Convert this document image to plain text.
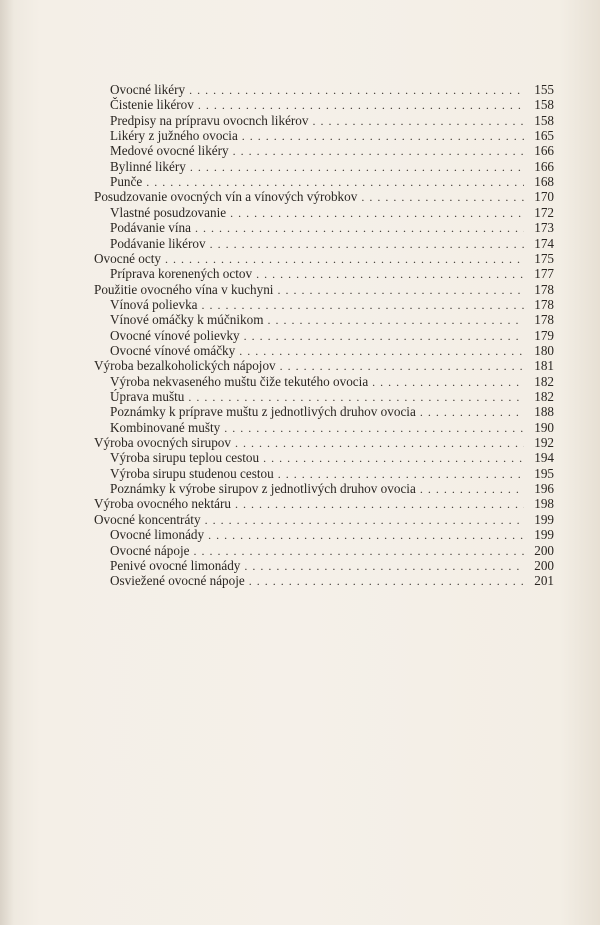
Ovocné likéry . . .	155
Čistenie likérov . . .	158
Predpisy na prípravu ovocnch likérov . . .	158
Likéry z južného ovocia . . .	165
Medové ovocné likéry . . .	166
Bylinné likéry . . .	166
Punče . . .	168
Posudzovanie ovocných vín a vínových výrobkov . . .	170
Vlastné posudzovanie . . .	172
Podávanie vína . . .	173
Podávanie likérov . . .	174
Ovocné octy . . .	175
Príprava korenených octov . . .	177
Použitie ovocného vína v kuchyni . . .	178
Vínová polievka . . .	178
Vínové omáčky k múčnikom . . .	178
Ovocné vínové polievky . . .	179
Ovocné vínové omáčky . . .	180
Výroba bezalkoholických nápojov . . .	181
Výroba nekvaseného muštu čiže tekutého ovocia . . .	182
Úprava muštu . . .	182
Poznámky k príprave muštu z jednotlivých druhov ovocia . . .	188
Kombinované mušty . . .	190
Výroba ovocných sirupov . . .	192
Výroba sirupu teplou cestou . . .	194
Výroba sirupu studenou cestou . . .	195
Poznámky k výrobe sirupov z jednotlivých druhov ovocia . . .	196
Výroba ovocného nektáru . . .	198
Ovocné koncentráty . . .	199
Ovocné limonády . . .	199
Ovocné nápoje . . .	200
Penivé ovocné limonády . . .	200
Osviežené ovocné nápoje . . .	201
